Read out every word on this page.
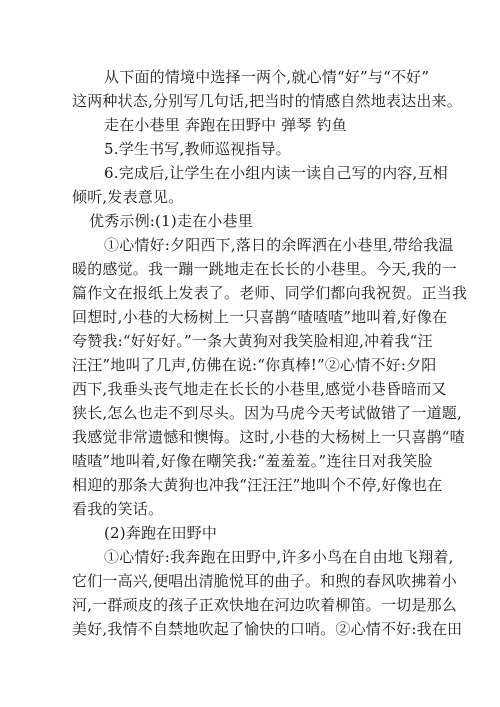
从下面的情境中选择一两个,就心情“好”与“不好”
这两种状态,分别写几句话,把当时的情感自然地表达出来。
走在小巷里 奔跑在田野中 弹琴 钓鱼
5.学生书写,教师巡视指导。
6.完成后,让学生在小组内读一读自己写的内容,互相
倾听,发表意见。
优秀示例:(1)走在小巷里
①心情好:夕阳西下,落日的余晖洒在小巷里,带给我温
暖的感觉。我一蹦一跳地走在长长的小巷里。今天,我的一
篇作文在报纸上发表了。老师、同学们都向我祝贺。正当我
回想时,小巷的大杨树上一只喜鹊“喳喳喳”地叫着,好像在
夸赞我:“好好好。”一条大黄狗对我笑脸相迎,冲着我“汪
汪汪”地叫了几声,仿佛在说:“你真棒!”②心情不好:夕阳
西下,我垂头丧气地走在长长的小巷里,感觉小巷昏暗而又
狭长,怎么也走不到尽头。因为马虎今天考试做错了一道题,
我感觉非常遗憾和懊悔。这时,小巷的大杨树上一只喜鹊“喳
喳喳”地叫着,好像在嘲笑我:“羞羞羞。”连往日对我笑脸
相迎的那条大黄狗也冲我“汪汪汪”地叫个不停,好像也在
看我的笑话。
(2)奔跑在田野中
①心情好:我奔跑在田野中,许多小鸟在自由地飞翔着,
它们一高兴,便唱出清脆悦耳的曲子。和煦的春风吹拂着小
河,一群顽皮的孩子正欢快地在河边吹着柳笛。一切是那么
美好,我情不自禁地吹起了愉快的口哨。②心情不好:我在田
